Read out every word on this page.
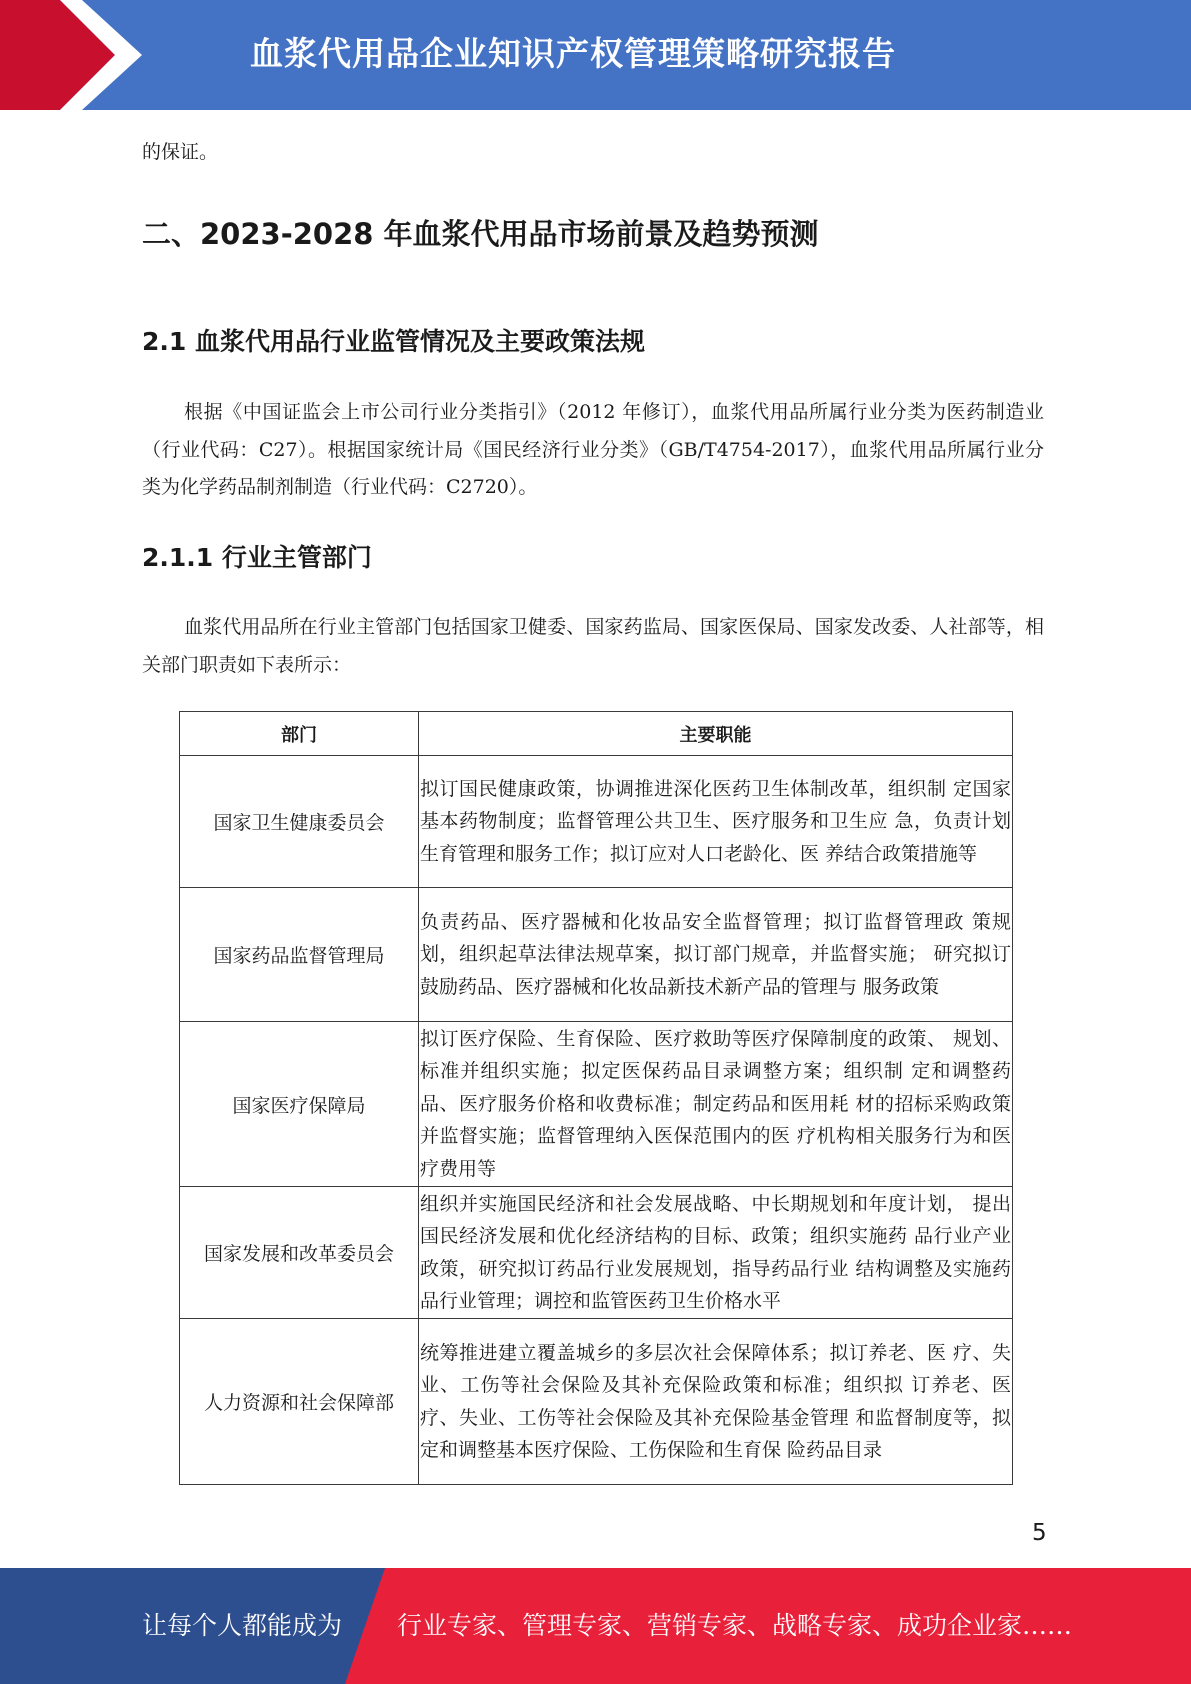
血浆代用品企业知识产权管理策略研究报告
的保证。
二、2023-2028 年血浆代用品市场前景及趋势预测
2.1 血浆代用品行业监管情况及主要政策法规
根据《中国证监会上市公司行业分类指引》（2012 年修订），血浆代用品所属行业分类为医药制造业（行业代码：C27）。根据国家统计局《国民经济行业分类》（GB/T4754-2017），血浆代用品所属行业分类为化学药品制剂制造（行业代码：C2720）。
2.1.1 行业主管部门
血浆代用品所在行业主管部门包括国家卫健委、国家药监局、国家医保局、国家发改委、人社部等，相关部门职责如下表所示：
部门	主要职能
国家卫生健康委员会	拟订国民健康政策，协调推进深化医药卫生体制改革，组织制 定国家基本药物制度；监督管理公共卫生、医疗服务和卫生应 急，负责计划生育管理和服务工作；拟订应对人口老龄化、医 养结合政策措施等
国家药品监督管理局	负责药品、医疗器械和化妆品安全监督管理；拟订监督管理政 策规划，组织起草法律法规草案，拟订部门规章，并监督实施； 研究拟订鼓励药品、医疗器械和化妆品新技术新产品的管理与 服务政策
国家医疗保障局	拟订医疗保险、生育保险、医疗救助等医疗保障制度的政策、 规划、标准并组织实施；拟定医保药品目录调整方案；组织制 定和调整药品、医疗服务价格和收费标准；制定药品和医用耗 材的招标采购政策并监督实施；监督管理纳入医保范围内的医 疗机构相关服务行为和医疗费用等
国家发展和改革委员会	组织并实施国民经济和社会发展战略、中长期规划和年度计划， 提出国民经济发展和优化经济结构的目标、政策；组织实施药 品行业产业政策，研究拟订药品行业发展规划，指导药品行业 结构调整及实施药品行业管理；调控和监管医药卫生价格水平
人力资源和社会保障部	统筹推进建立覆盖城乡的多层次社会保障体系；拟订养老、医 疗、失业、工伤等社会保险及其补充保险政策和标准；组织拟 订养老、医疗、失业、工伤等社会保险及其补充保险基金管理 和监督制度等，拟定和调整基本医疗保险、工伤保险和生育保 险药品目录
5
让每个人都能成为 行业专家、管理专家、营销专家、战略专家、成功企业家……
